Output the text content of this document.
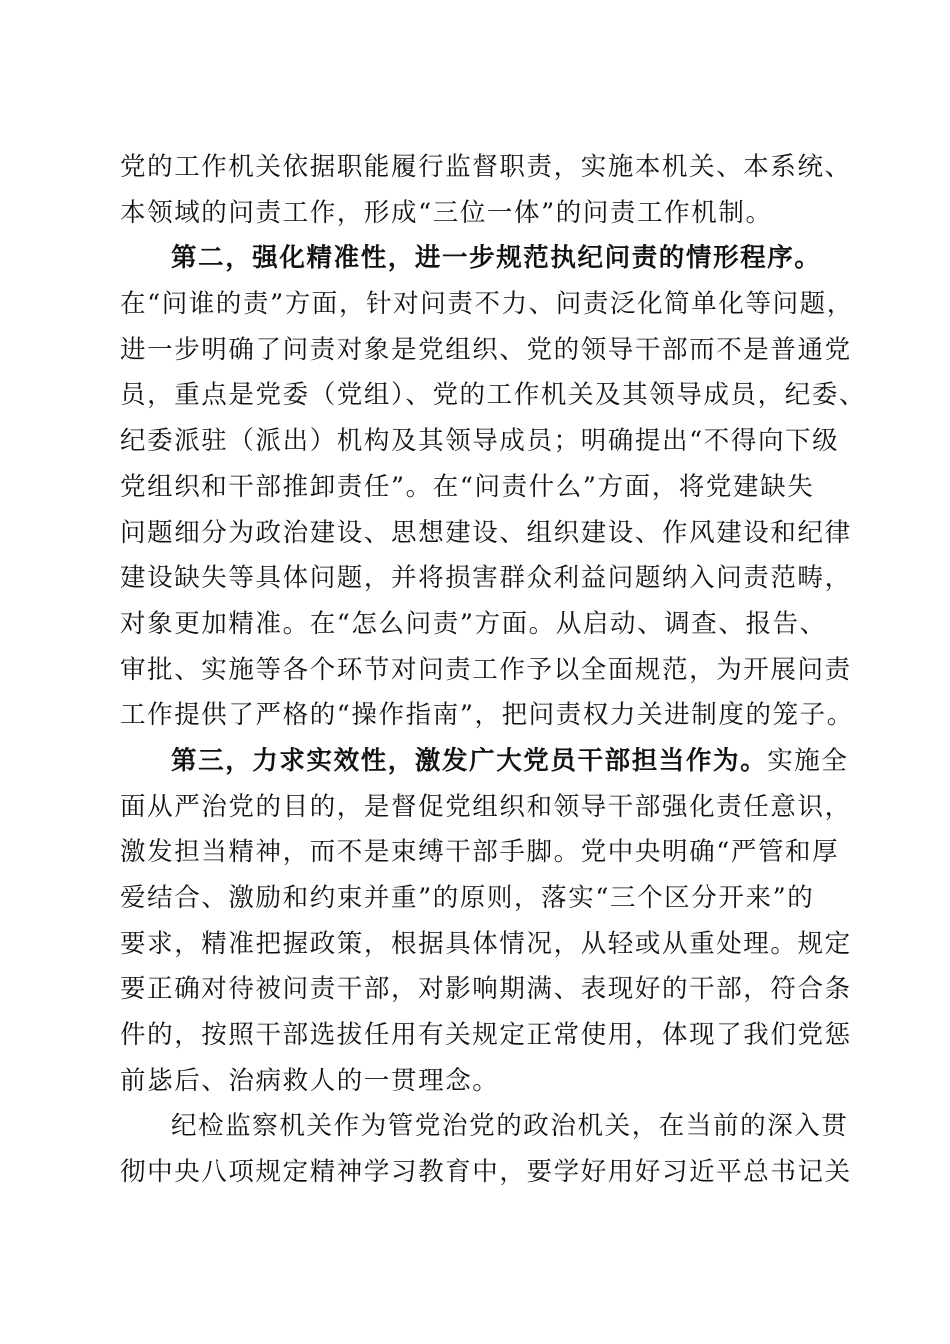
党的工作机关依据职能履行监督职责，实施本机关、本系统、
本领域的问责工作，形成“三位一体”的问责工作机制。
第二，强化精准性，进一步规范执纪问责的情形程序。
在“问谁的责”方面，针对问责不力、问责泛化简单化等问题，
进一步明确了问责对象是党组织、党的领导干部而不是普通党
员，重点是党委（党组）、党的工作机关及其领导成员，纪委、
纪委派驻（派出）机构及其领导成员；明确提出“不得向下级
党组织和干部推卸责任”。在“问责什么”方面，将党建缺失
问题细分为政治建设、思想建设、组织建设、作风建设和纪律
建设缺失等具体问题，并将损害群众利益问题纳入问责范畴，
对象更加精准。在“怎么问责”方面。从启动、调查、报告、
审批、实施等各个环节对问责工作予以全面规范，为开展问责
工作提供了严格的“操作指南”，把问责权力关进制度的笼子。
第三，力求实效性，激发广大党员干部担当作为。实施全
面从严治党的目的，是督促党组织和领导干部强化责任意识，
激发担当精神，而不是束缚干部手脚。党中央明确“严管和厚
爱结合、激励和约束并重”的原则，落实“三个区分开来”的
要求，精准把握政策，根据具体情况，从轻或从重处理。规定
要正确对待被问责干部，对影响期满、表现好的干部，符合条
件的，按照干部选拔任用有关规定正常使用，体现了我们党惩
前毖后、治病救人的一贯理念。
纪检监察机关作为管党治党的政治机关，在当前的深入贯
彻中央八项规定精神学习教育中，要学好用好习近平总书记关
